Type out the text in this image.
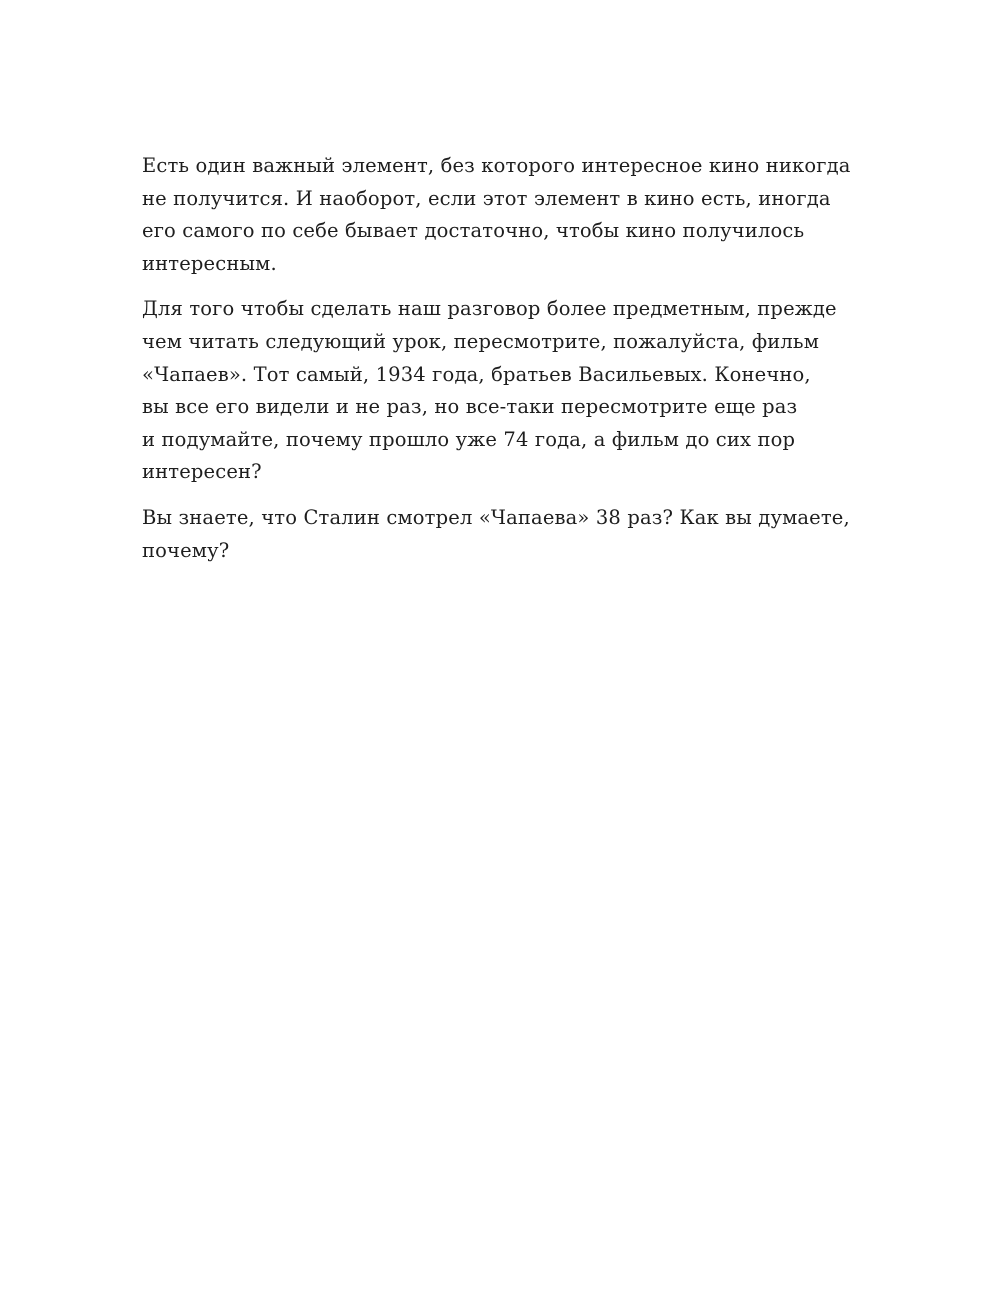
Есть один важный элемент, без которого интересное кино никогда
не получится. И наоборот, если этот элемент в кино есть, иногда
его самого по себе бывает достаточно, чтобы кино получилось
интересным.

Для того чтобы сделать наш разговор более предметным, прежде
чем читать следующий урок, пересмотрите, пожалуйста, фильм
«Чапаев». Тот самый, 1934 года, братьев Васильевых. Конечно,
вы все его видели и не раз, но все-таки пересмотрите еще раз
и подумайте, почему прошло уже 74 года, а фильм до сих пор
интересен?

Вы знаете, что Сталин смотрел «Чапаева» 38 раз? Как вы думаете,
почему?
